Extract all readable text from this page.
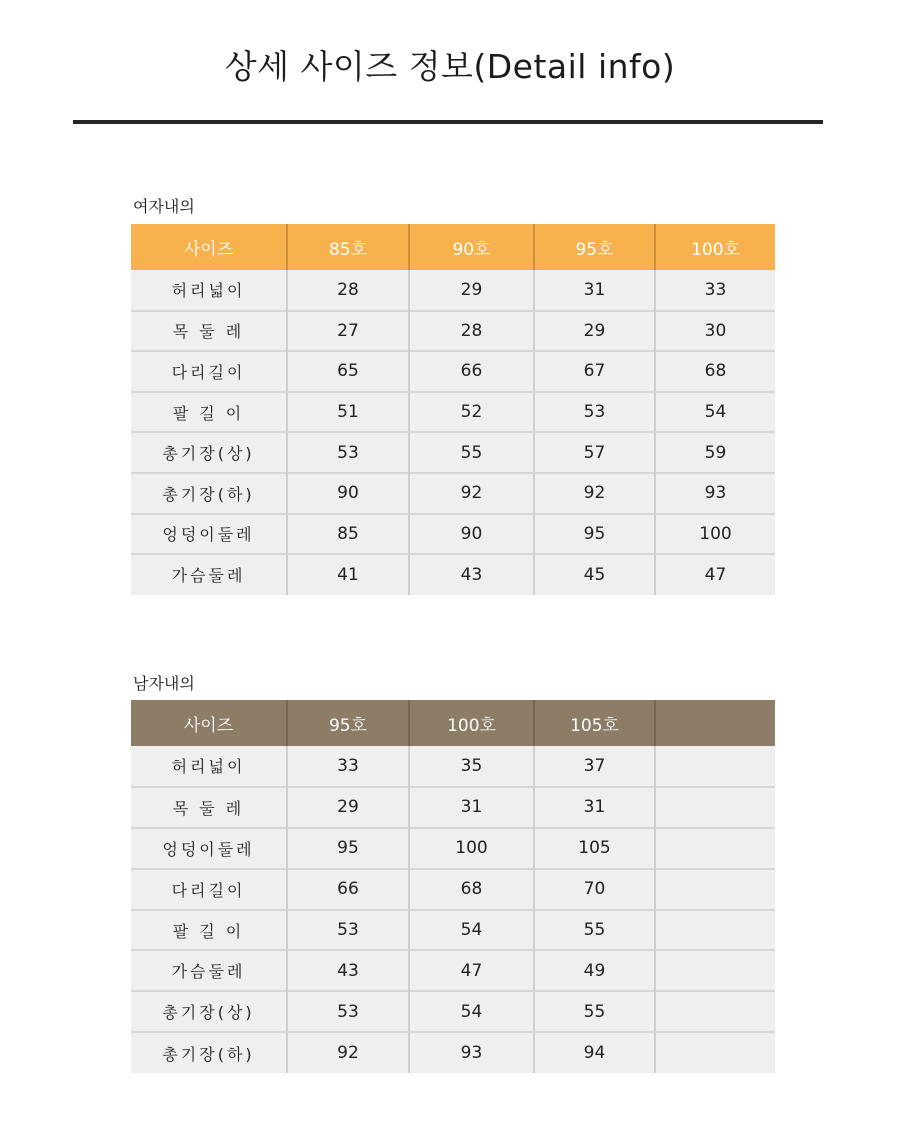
상세 사이즈 정보(Detail info)
여자내의
사이즈	85호	90호	95호	100호
허리넓이	28	29	31	33
목 둘 레	27	28	29	30
다리길이	65	66	67	68
팔 길 이	51	52	53	54
총기장(상)	53	55	57	59
총기장(하)	90	92	92	93
엉덩이둘레	85	90	95	100
가슴둘레	41	43	45	47
남자내의
사이즈	95호	100호	105호	
허리넓이	33	35	37	
목 둘 레	29	31	31	
엉덩이둘레	95	100	105	
다리길이	66	68	70	
팔 길 이	53	54	55	
가슴둘레	43	47	49	
총기장(상)	53	54	55	
총기장(하)	92	93	94	
